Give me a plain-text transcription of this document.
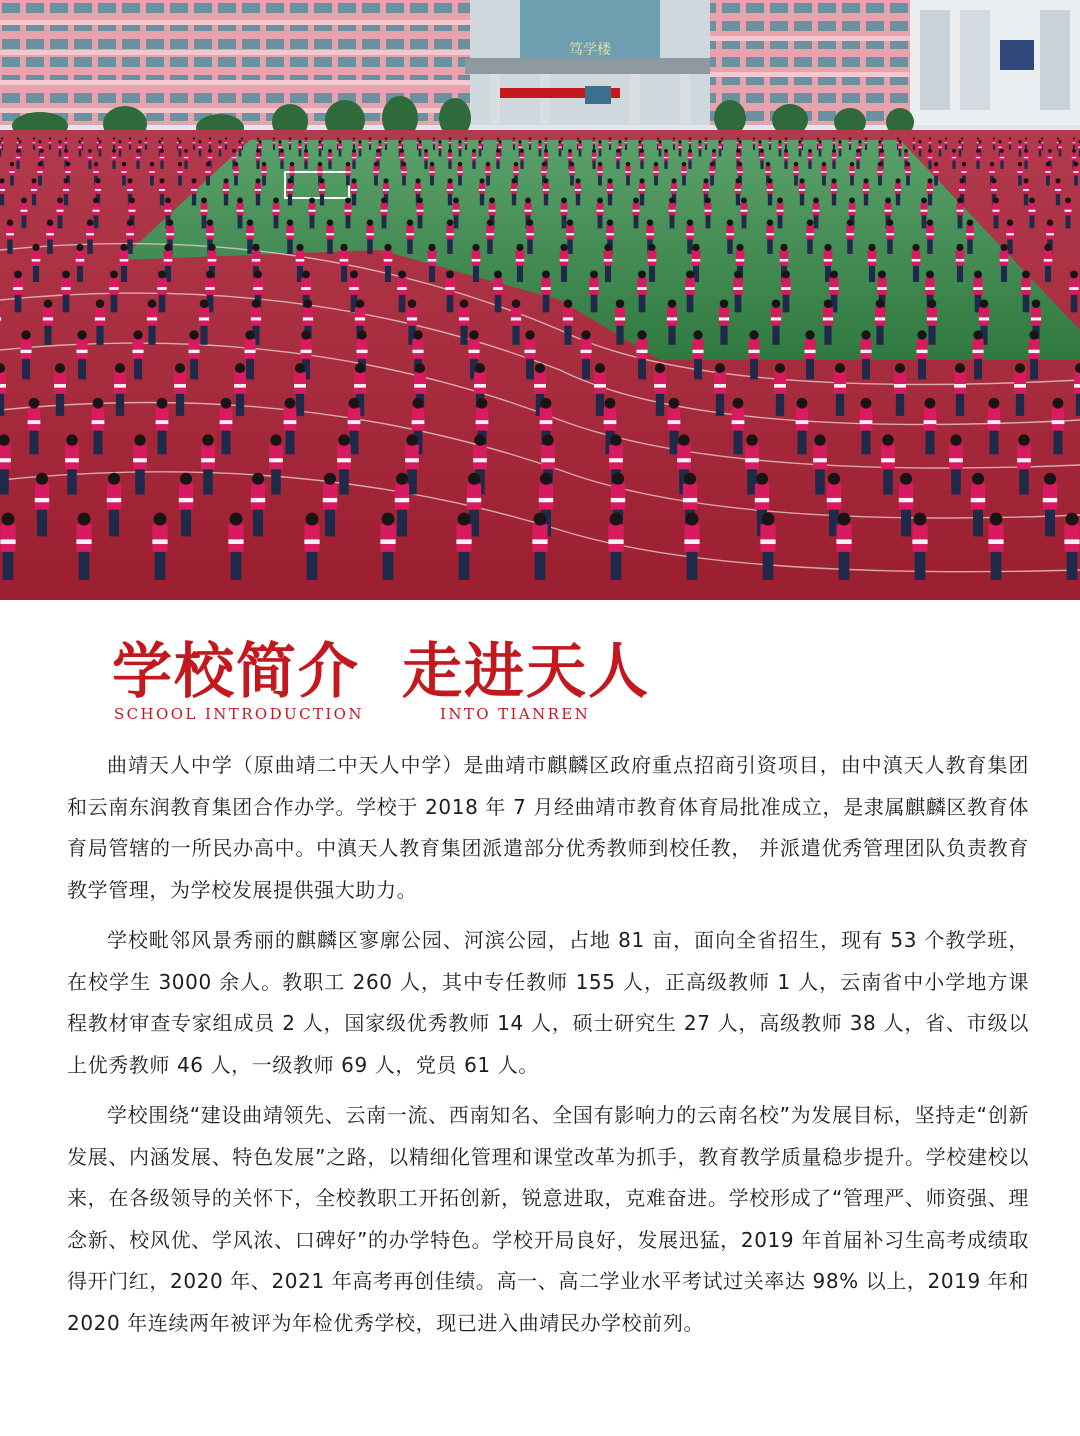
笃学楼
学校简介 走进天人
SCHOOL INTRODUCTION	INTO TIANREN

曲靖天人中学（原曲靖二中天人中学）是曲靖市麒麟区政府重点招商引资项目，由中滇天人教育集团和云南东润教育集团合作办学。学校于 2018 年 7 月经曲靖市教育体育局批准成立，是隶属麒麟区教育体育局管辖的一所民办高中。中滇天人教育集团派遣部分优秀教师到校任教， 并派遣优秀管理团队负责教育教学管理，为学校发展提供强大助力。

学校毗邻风景秀丽的麒麟区寥廓公园、河滨公园，占地 81 亩，面向全省招生，现有 53 个教学班，在校学生 3000 余人。教职工 260 人，其中专任教师 155 人，正高级教师 1 人，云南省中小学地方课程教材审查专家组成员 2 人，国家级优秀教师 14 人，硕士研究生 27 人，高级教师 38 人，省、市级以上优秀教师 46 人，一级教师 69 人，党员 61 人。

学校围绕“建设曲靖领先、云南一流、西南知名、全国有影响力的云南名校”为发展目标，坚持走“创新发展、内涵发展、特色发展”之路，以精细化管理和课堂改革为抓手，教育教学质量稳步提升。学校建校以来，在各级领导的关怀下，全校教职工开拓创新，锐意进取，克难奋进。学校形成了“管理严、师资强、理念新、校风优、学风浓、口碑好”的办学特色。学校开局良好，发展迅猛，2019 年首届补习生高考成绩取得开门红，2020 年、2021 年高考再创佳绩。高一、高二学业水平考试过关率达 98% 以上，2019 年和 2020 年连续两年被评为年检优秀学校，现已进入曲靖民办学校前列。
